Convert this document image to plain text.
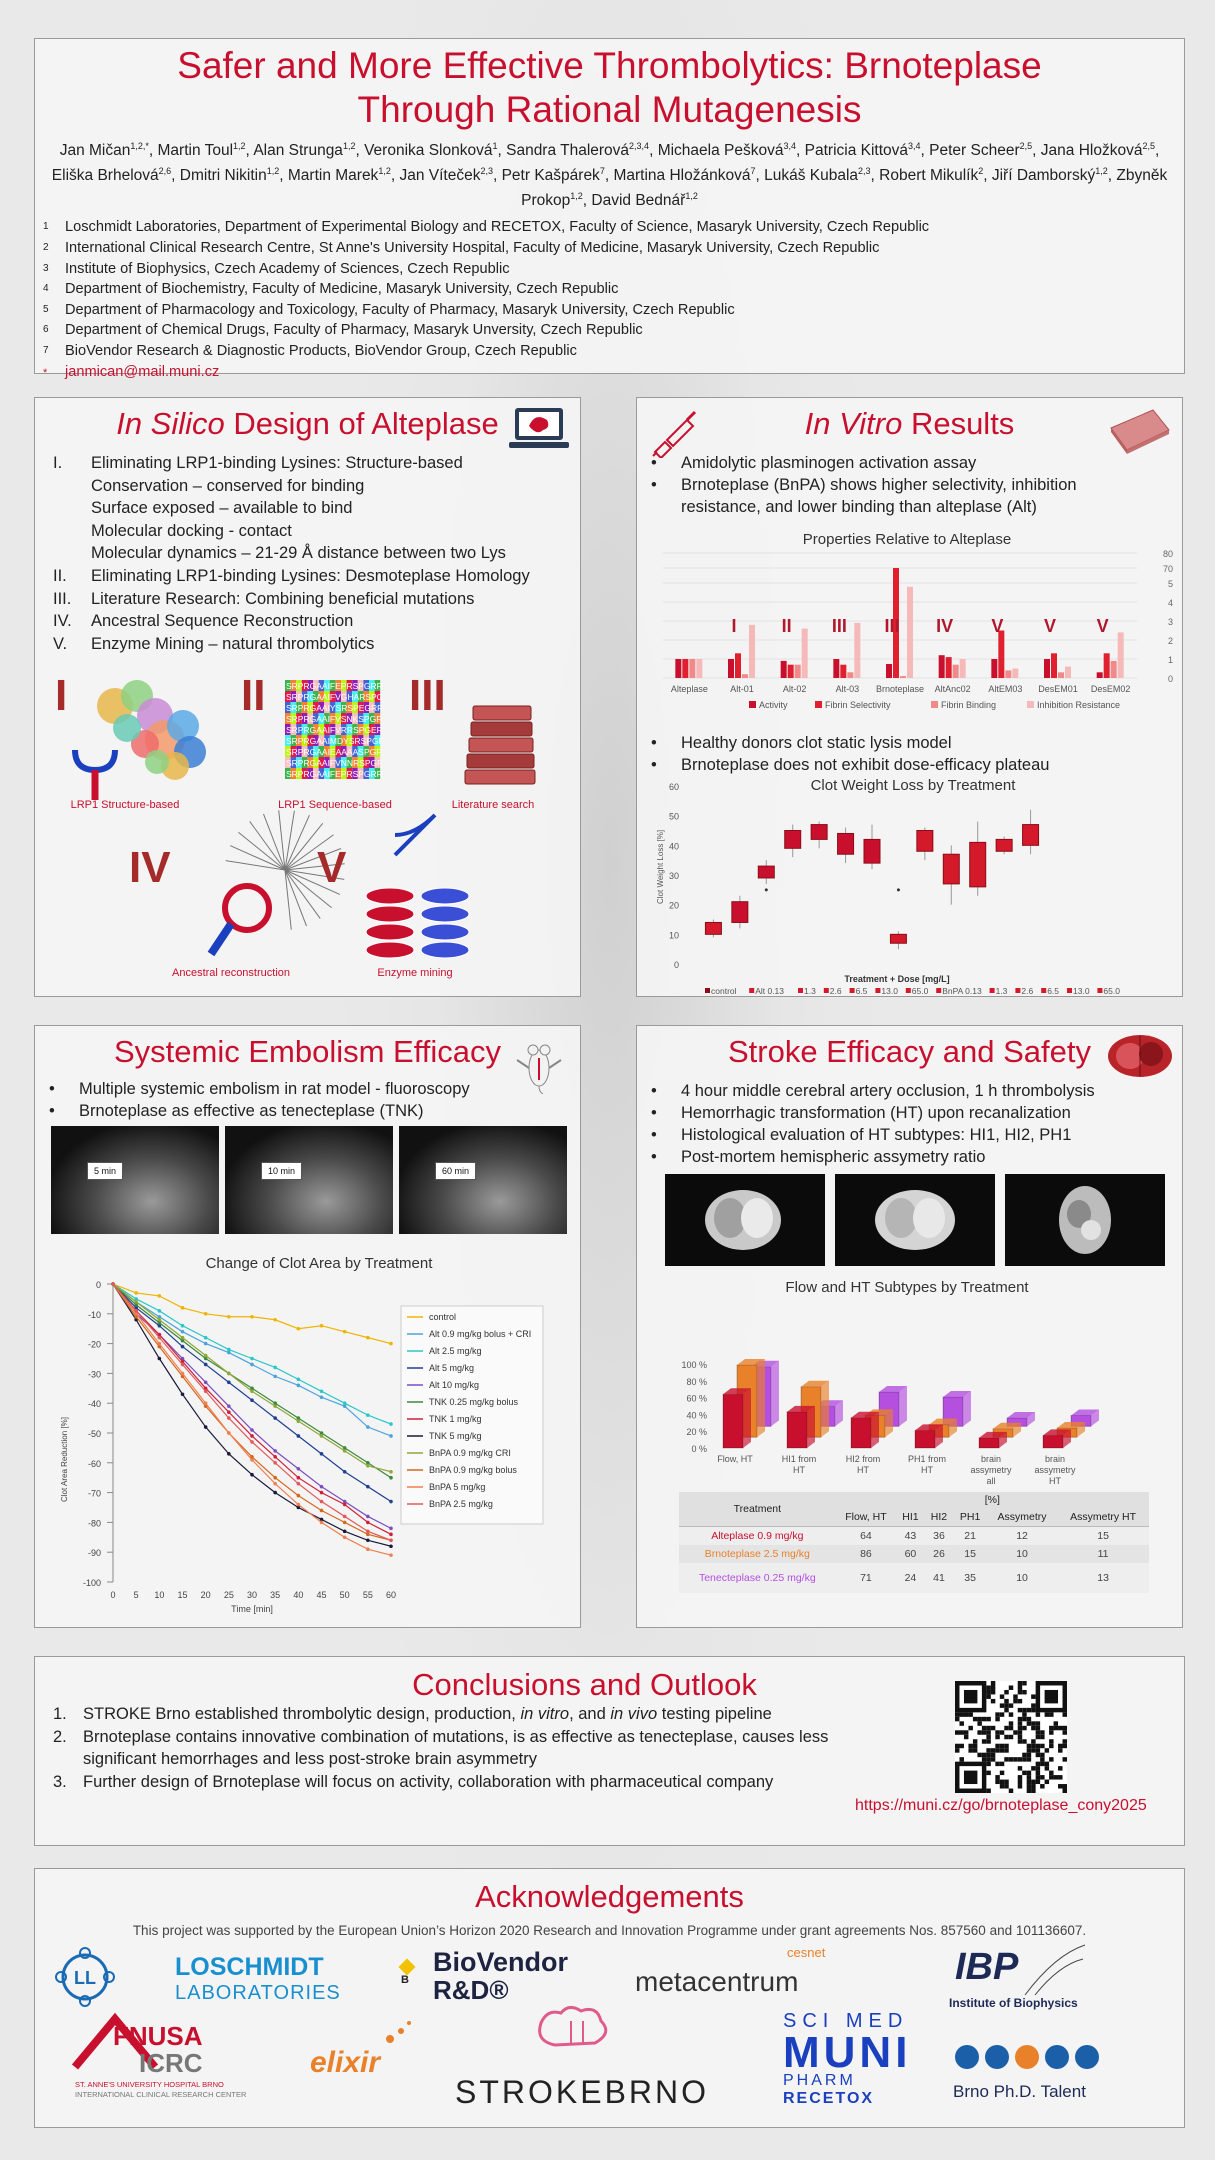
Safer and More Effective Thrombolytics: Brnoteplase Through Rational Mutagenesis
Jan Mičan$^{1,2,*}$, Martin Toul$^{1,2}$, Alan Strunga$^{1,2}$, Veronika Slonková$^1$, Sandra Thalerová$^{2,3,4}$, Michaela Pešková$^{3,4}$, Patricia Kittová$^{3,4}$, Peter Scheer$^{2,5}$, Jana Hložková$^{2,5}$, Eliška Brhelová$^{2,6}$, Dmitri Nikitin$^{1,2}$, Martin Marek$^{1,2}$, Jan Víteček$^{2,3}$, Petr Kašpárek$^7$, Martina Hložánková$^7$, Lukáš Kubala$^{2,3}$, Robert Mikulík$^2$, Jiří Damborský$^{1,2}$, Zbyněk Prokop$^{1,2}$, David Bednář$^{1,2}$
1 Loschmidt Laboratories, Department of Experimental Biology and RECETOX, Faculty of Science, Masaryk University, Czech Republic
2 International Clinical Research Centre, St Anne's University Hospital, Faculty of Medicine, Masaryk University, Czech Republic
3 Institute of Biophysics, Czech Academy of Sciences, Czech Republic
4 Department of Biochemistry, Faculty of Medicine, Masaryk University, Czech Republic
5 Department of Pharmacology and Toxicology, Faculty of Pharmacy, Masaryk University, Czech Republic
6 Department of Chemical Drugs, Faculty of Pharmacy, Masaryk Unversity, Czech Republic
7 BioVendor Research & Diagnostic Products, BioVendor Group, Czech Republic
* janmican@mail.muni.cz
In Silico Design of Alteplase
I.	Eliminating LRP1-binding Lysines: Structure-based
Conservation – conserved for binding
Surface exposed – available to bind
Molecular docking - contact
Molecular dynamics – 21-29 Å distance between two Lys
II.	Eliminating LRP1-binding Lysines: Desmoteplase Homology
III.	Literature Research: Combining beneficial mutations
IV.	Ancestral Sequence Reconstruction
V.	Enzyme Mining – natural thrombolytics
I
LRP1 Structure-based
II SRPRGAAIFEPRSPGRR
SRPRGAAIFVGHARSPG
SRPRGAAIYSRSPEGRR
SRPRGAAIFVSNKSPGF
SRPRGAAIFVRRSPGER
SRPRGAAIMDYSRSPGF
SRPRGAAIEAAAASPGF
SRPRGAAIFVNNRSPGF
SRPRGAAIFEPRSPGRR
LRP1 Sequence-based
III
Literature search
IV
Ancestral reconstruction
V
Enzyme mining
In Vitro Results
• Amidolytic plasminogen activation assay
• Brnoteplase (BnPA) shows higher selectivity, inhibition resistance, and lower binding than alteplase (Alt)
Properties Relative to Alteplase
0
1
2
3
4
5
70
80
Alteplase
I
Alt-01
II
Alt-02
III
Alt-03
III
Brnoteplase
IV
AltAnc02
V
AltEM03
V
DesEM01
V
DesEM02
Activity	Fibrin Selectivity	Fibrin Binding	Inhibition Resistance
• Healthy donors clot static lysis model
• Brnoteplase does not exhibit dose-efficacy plateau
Clot Weight Loss by Treatment
0
10
20
30
40
50
60
Clot Weight Loss [%]
Treatment + Dose [mg/L]
control Alt 0.13 1.3 2.6 6.5 13.0 65.0 BnPA 0.13 1.3 2.6 6.5 13.0 65.0
Systemic Embolism Efficacy
• Multiple systemic embolism in rat model - fluoroscopy
• Brnoteplase as effective as tenecteplase (TNK)
5 min	10 min	60 min
Change of Clot Area by Treatment
0
-10
-20
-30
-40
-50
-60
-70
-80
-90
-100
0 5 10 15 20 25 30 35 40 45 50 55 60
Time [min]
Clot Area Reduction [%]
control
Alt 0.9 mg/kg bolus + CRI
Alt 2.5 mg/kg
Alt 5 mg/kg
Alt 10 mg/kg
TNK 0.25 mg/kg bolus
TNK 1 mg/kg
TNK 5 mg/kg
BnPA 0.9 mg/kg CRI
BnPA 0.9 mg/kg bolus
BnPA 5 mg/kg
BnPA 2.5 mg/kg
Stroke Efficacy and Safety
• 4 hour middle cerebral artery occlusion, 1 h thrombolysis
• Hemorrhagic transformation (HT) upon recanalization
• Histological evaluation of HT subtypes: HI1, HI2, PH1
• Post-mortem hemispheric assymetry ratio
Flow and HT Subtypes by Treatment
0 %
20 %
40 %
60 %
80 %
100 %
Flow, HT	HI1 from
HT
HI2 from
HT
PH1 from
HT
brain
assymetry
all
brain
assymetry
HT
Treatment	[%]					
	Flow, HT	HI1	HI2	PH1	Assymetry	Assymetry HT
Alteplase 0.9 mg/kg	64	43	36	21	12	15
Brnoteplase 2.5 mg/kg	86	60	26	15	10	11
Tenecteplase 0.25 mg/kg	71	24	41	35	10	13
Conclusions and Outlook
1. STROKE Brno established thrombolytic design, production, in vitro, and in vivo testing pipeline
2. Brnoteplase contains innovative combination of mutations, is as effective as tenecteplase, causes less significant hemorrhages and less post-stroke brain asymmetry
3. Further design of Brnoteplase will focus on activity, collaboration with pharmaceutical company
https://muni.cz/go/brnoteplase_cony2025
Acknowledgements
This project was supported by the European Union’s Horizon 2020 Research and Innovation Programme under grant agreements Nos. 857560 and 101136607.
LL	LOSCHMIDT
LABORATORIES
B
BioVendor
R&D®
cesnet
metacentrum	IBP
Institute of Biophysics
FNUSA
ICRC
ST. ANNE'S UNIVERSITY HOSPITAL BRNO
INTERNATIONAL CLINICAL RESEARCH CENTER
elixir
STROKEBRNO
SCI MED
MUNI
PHARM
RECETOX	Brno Ph.D. Talent
